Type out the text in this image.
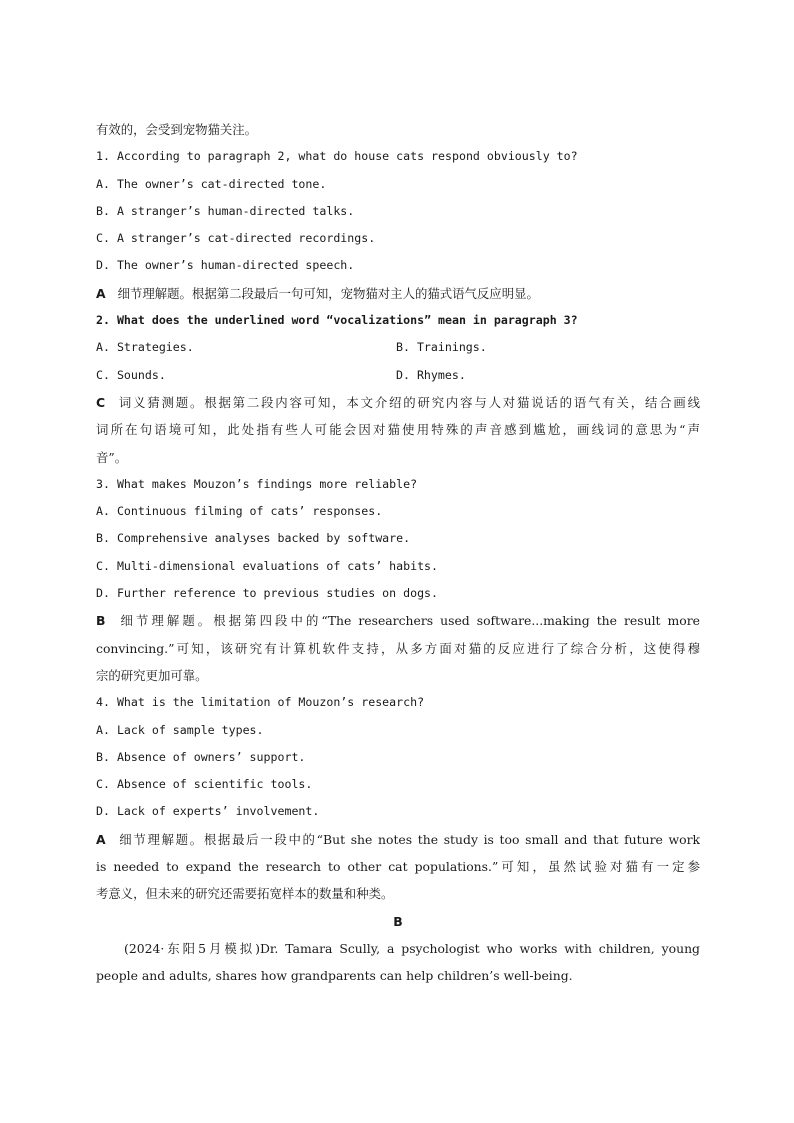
有效的，会受到宠物猫关注。
1. According to paragraph 2, what do house cats respond obviously to?
A. The owner’s cat-directed tone.
B. A stranger’s human-directed talks.
C. A stranger’s cat-directed recordings.
D. The owner’s human-directed speech.
A 细节理解题。根据第二段最后一句可知，宠物猫对主人的猫式语气反应明显。
2. What does the underlined word “vocalizations” mean in paragraph 3?
A. Strategies.	B. Trainings.
C. Sounds.	D. Rhymes.
C 词义猜测题。根据第二段内容可知，本文介绍的研究内容与人对猫说话的语气有关，结合画线
词所在句语境可知，此处指有些人可能会因对猫使用特殊的声音感到尴尬，画线词的意思为“声
音”。
3. What makes Mouzon’s findings more reliable?
A. Continuous filming of cats’ responses.
B. Comprehensive analyses backed by software.
C. Multi-dimensional evaluations of cats’ habits.
D. Further reference to previous studies on dogs.
B 细节理解题。根据第四段中的“The researchers used software...making the result more
convincing.”可知，该研究有计算机软件支持，从多方面对猫的反应进行了综合分析，这使得穆
宗的研究更加可靠。
4. What is the limitation of Mouzon’s research?
A. Lack of sample types.
B. Absence of owners’ support.
C. Absence of scientific tools.
D. Lack of experts’ involvement.
A 细节理解题。根据最后一段中的“But she notes the study is too small and that future work
is needed to expand the research to other cat populations.”可知，虽然试验对猫有一定参
考意义，但未来的研究还需要拓宽样本的数量和种类。
B
(2024·东阳5月模拟)Dr. Tamara Scully, a psychologist who works with children, young
people and adults, shares how grandparents can help children’s well-being.
